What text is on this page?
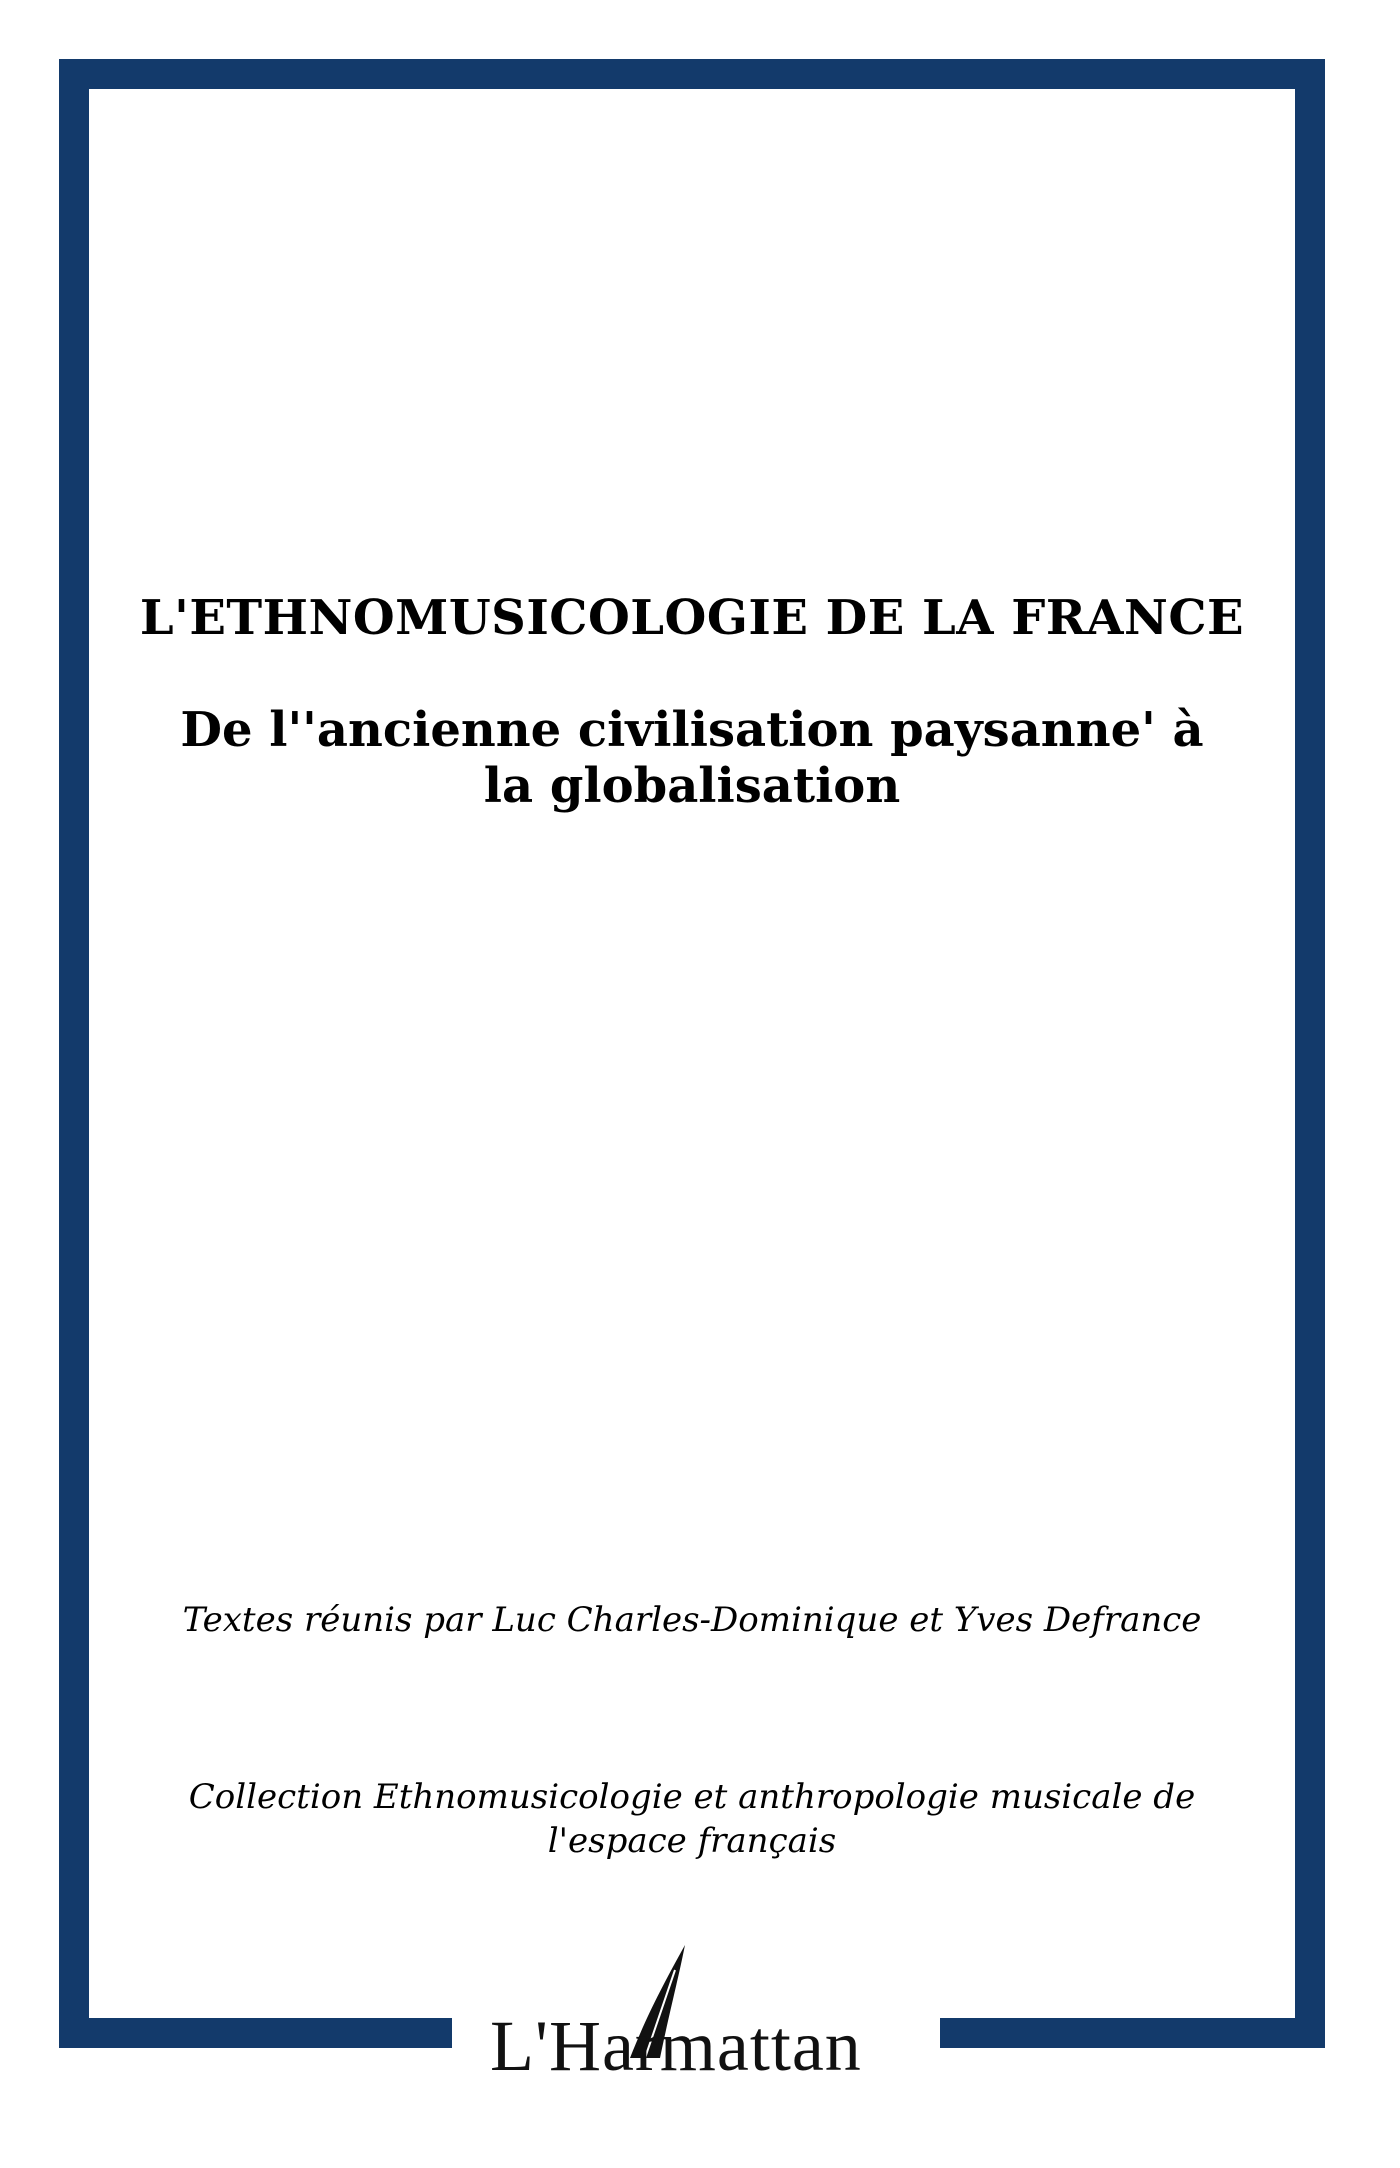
L'ETHNOMUSICOLOGIE DE LA FRANCE
De l''ancienne civilisation paysanne' à la globalisation
Textes réunis par Luc Charles-Dominique et Yves Defrance
Collection Ethnomusicologie et anthropologie musicale de l'espace français
L'Harmattan
